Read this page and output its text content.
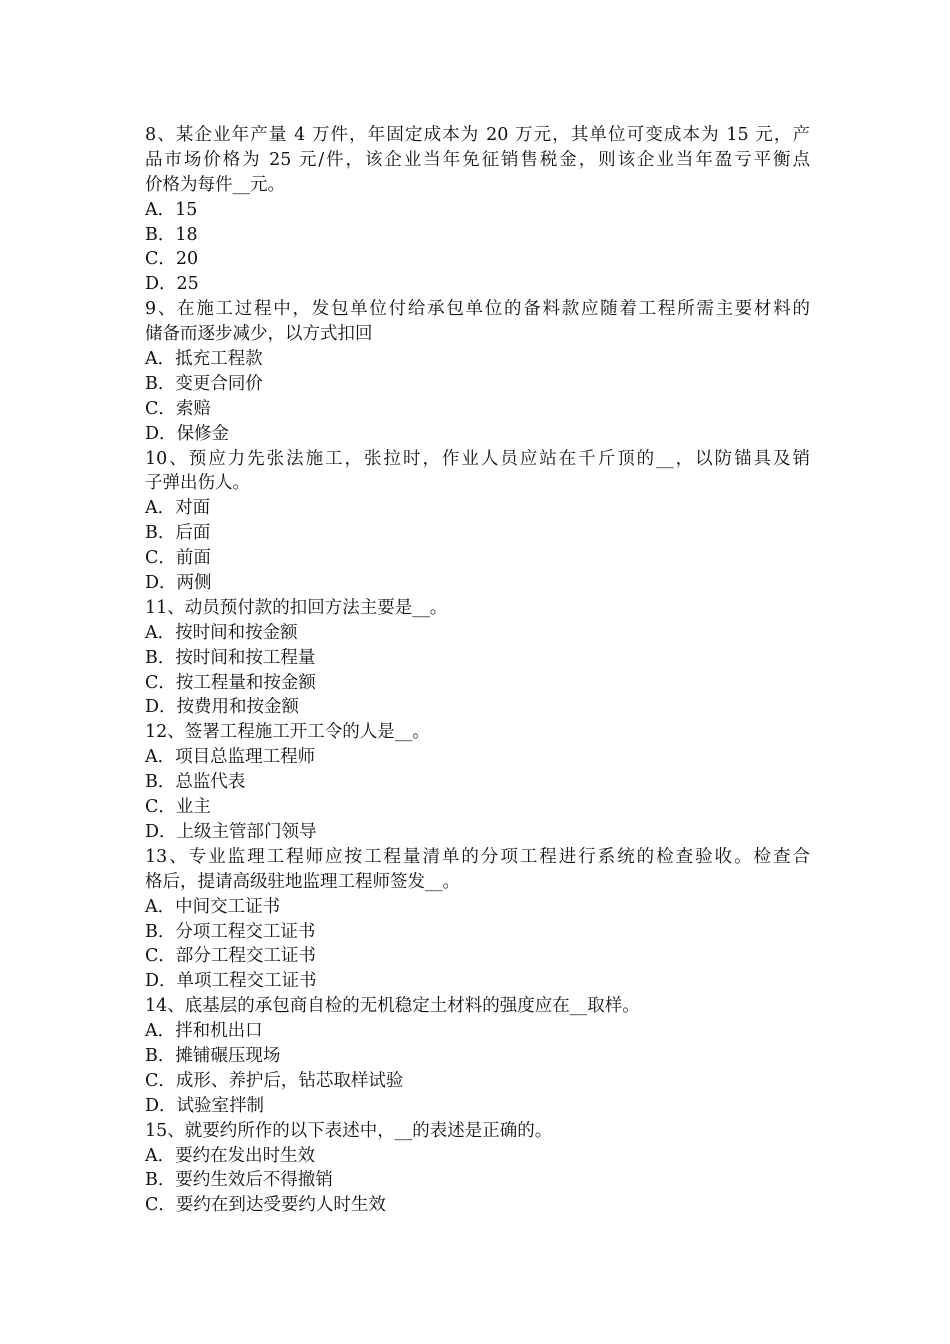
8、某企业年产量 4 万件，年固定成本为 20 万元，其单位可变成本为 15 元，产
品市场价格为 25 元/件，该企业当年免征销售税金，则该企业当年盈亏平衡点
价格为每件__元。
A．15
B．18
C．20
D．25
9、在施工过程中，发包单位付给承包单位的备料款应随着工程所需主要材料的
储备而逐步减少，以方式扣回
A．抵充工程款
B．变更合同价
C．索赔
D．保修金
10、预应力先张法施工，张拉时，作业人员应站在千斤顶的__，以防锚具及销
子弹出伤人。
A．对面
B．后面
C．前面
D．两侧
11、动员预付款的扣回方法主要是__。
A．按时间和按金额
B．按时间和按工程量
C．按工程量和按金额
D．按费用和按金额
12、签署工程施工开工令的人是__。
A．项目总监理工程师
B．总监代表
C．业主
D．上级主管部门领导
13、专业监理工程师应按工程量清单的分项工程进行系统的检查验收。检查合
格后，提请高级驻地监理工程师签发__。
A．中间交工证书
B．分项工程交工证书
C．部分工程交工证书
D．单项工程交工证书
14、底基层的承包商自检的无机稳定土材料的强度应在__取样。
A．拌和机出口
B．摊铺碾压现场
C．成形、养护后，钻芯取样试验
D．试验室拌制
15、就要约所作的以下表述中，__的表述是正确的。
A．要约在发出时生效
B．要约生效后不得撤销
C．要约在到达受要约人时生效
